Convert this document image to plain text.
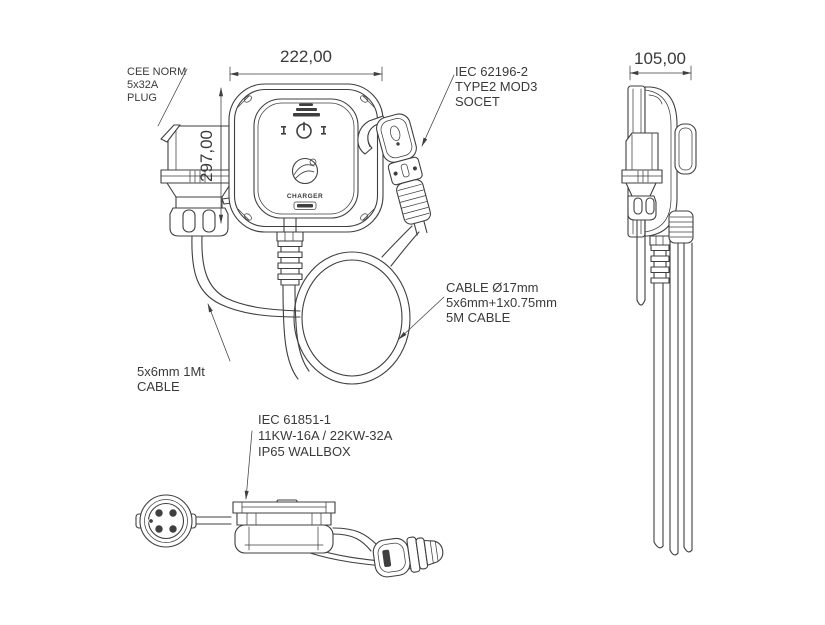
CHARGER
222,00
297,00
105,00
CEE NORM
5x32A
PLUG
IEC 62196-2
TYPE2 MOD3
SOCET
CABLE Ø17mm
5x6mm+1x0.75mm
5M CABLE
5x6mm 1Mt
CABLE
IEC 61851-1
11KW-16A / 22KW-32A
IP65 WALLBOX
